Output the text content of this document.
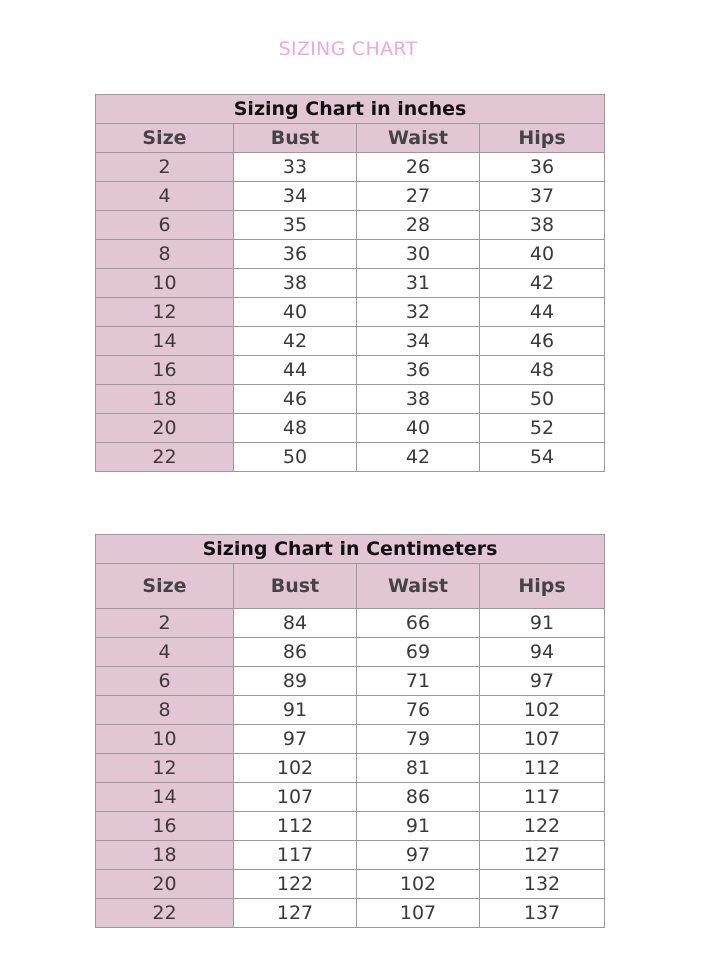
SIZING CHART
Sizing Chart in inches			
Size	Bust	Waist	Hips
2	33	26	36
4	34	27	37
6	35	28	38
8	36	30	40
10	38	31	42
12	40	32	44
14	42	34	46
16	44	36	48
18	46	38	50
20	48	40	52
22	50	42	54
Sizing Chart in Centimeters			
Size	Bust	Waist	Hips
2	84	66	91
4	86	69	94
6	89	71	97
8	91	76	102
10	97	79	107
12	102	81	112
14	107	86	117
16	112	91	122
18	117	97	127
20	122	102	132
22	127	107	137
